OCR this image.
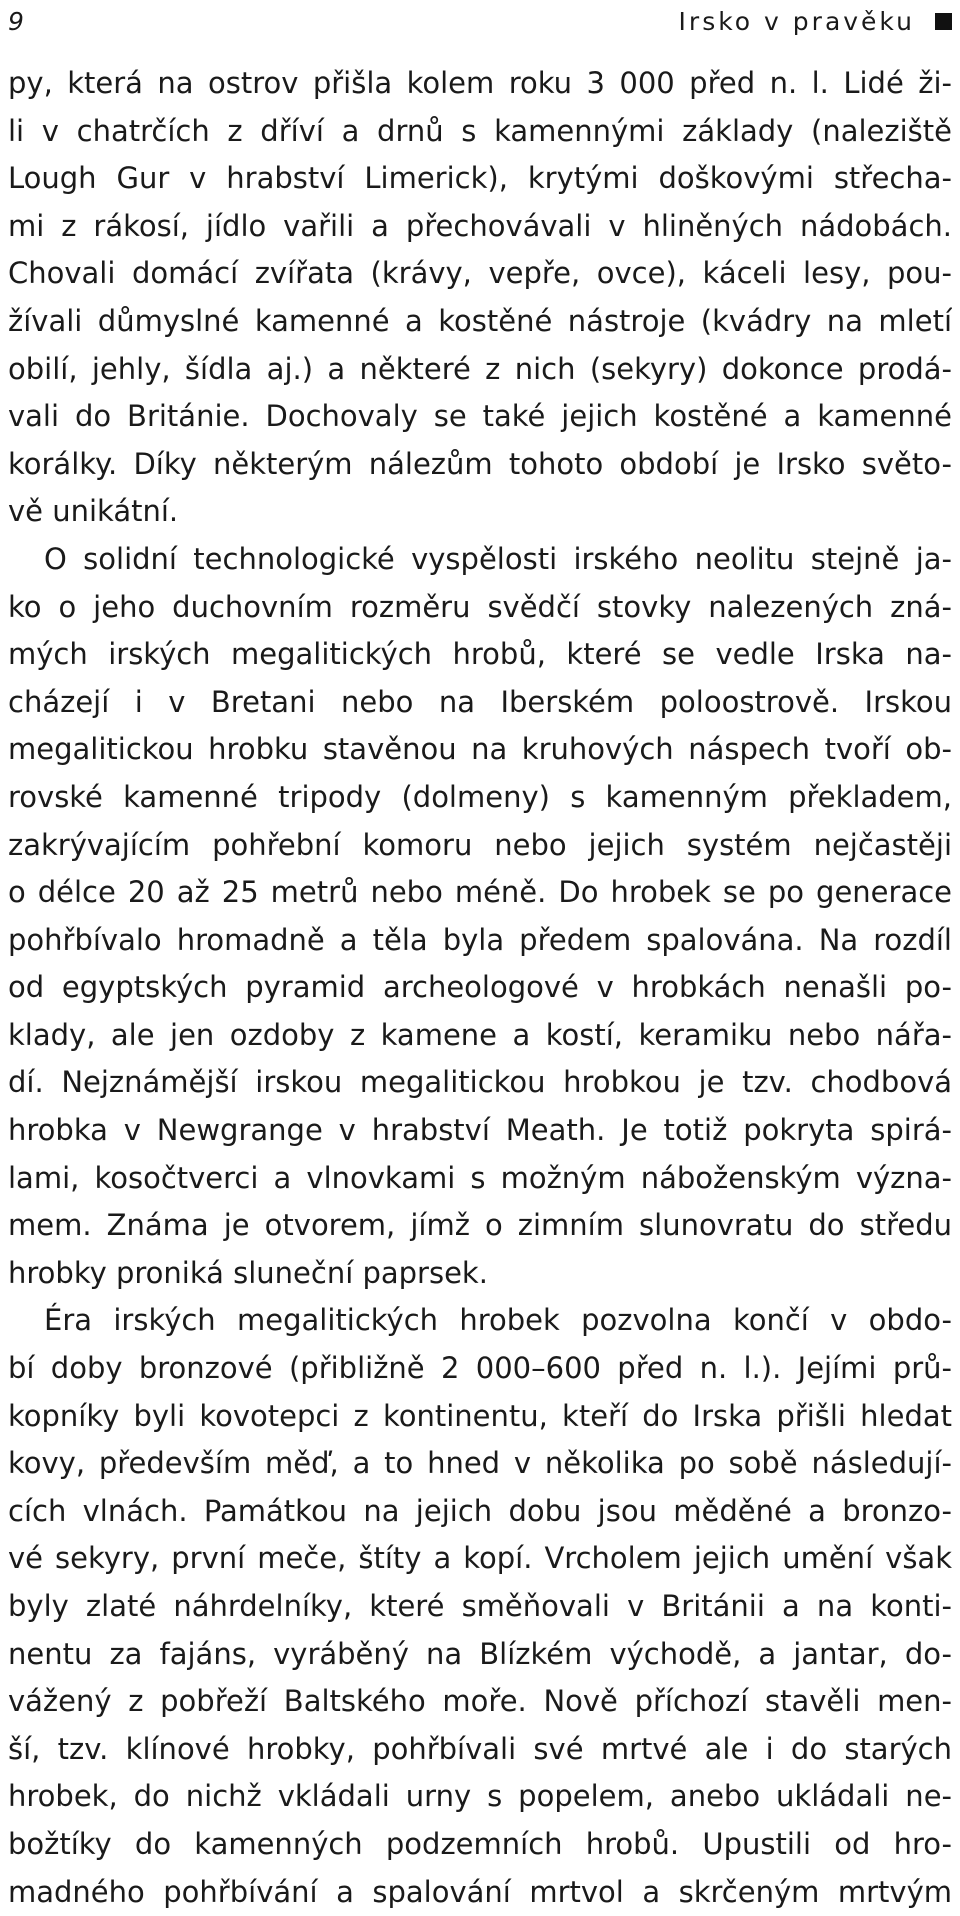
9	Irsko v pravěku
py, která na ostrov přišla kolem roku 3 000 před n. l. Lidé ži-
li v chatrčích z dříví a drnů s kamennými základy (naleziště
Lough Gur v hrabství Limerick), krytými doškovými střecha-
mi z rákosí, jídlo vařili a přechovávali v hliněných nádobách.
Chovali domácí zvířata (krávy, vepře, ovce), káceli lesy, pou-
žívali důmyslné kamenné a kostěné nástroje (kvádry na mletí
obilí, jehly, šídla aj.) a některé z nich (sekyry) dokonce prodá-
vali do Británie. Dochovaly se také jejich kostěné a kamenné
korálky. Díky některým nálezům tohoto období je Irsko světo-
vě unikátní.
O solidní technologické vyspělosti irského neolitu stejně ja-
ko o jeho duchovním rozměru svědčí stovky nalezených zná-
mých irských megalitických hrobů, které se vedle Irska na-
cházejí i v Bretani nebo na Iberském poloostrově. Irskou
megalitickou hrobku stavěnou na kruhových náspech tvoří ob-
rovské kamenné tripody (dolmeny) s kamenným překladem,
zakrývajícím pohřební komoru nebo jejich systém nejčastěji
o délce 20 až 25 metrů nebo méně. Do hrobek se po generace
pohřbívalo hromadně a těla byla předem spalována. Na rozdíl
od egyptských pyramid archeologové v hrobkách nenašli po-
klady, ale jen ozdoby z kamene a kostí, keramiku nebo nářa-
dí. Nejznámější irskou megalitickou hrobkou je tzv. chodbová
hrobka v Newgrange v hrabství Meath. Je totiž pokryta spirá-
lami, kosočtverci a vlnovkami s možným náboženským význa-
mem. Známa je otvorem, jímž o zimním slunovratu do středu
hrobky proniká sluneční paprsek.
Éra irských megalitických hrobek pozvolna končí v obdo-
bí doby bronzové (přibližně 2 000–600 před n. l.). Jejími prů-
kopníky byli kovotepci z kontinentu, kteří do Irska přišli hledat
kovy, především měď, a to hned v několika po sobě následují-
cích vlnách. Památkou na jejich dobu jsou měděné a bronzo-
vé sekyry, první meče, štíty a kopí. Vrcholem jejich umění však
byly zlaté náhrdelníky, které směňovali v Británii a na konti-
nentu za fajáns, vyráběný na Blízkém východě, a jantar, do-
vážený z pobřeží Baltského moře. Nově příchozí stavěli men-
ší, tzv. klínové hrobky, pohřbívali své mrtvé ale i do starých
hrobek, do nichž vkládali urny s popelem, anebo ukládali ne-
božtíky do kamenných podzemních hrobů. Upustili od hro-
madného pohřbívání a spalování mrtvol a skrčeným mrtvým
